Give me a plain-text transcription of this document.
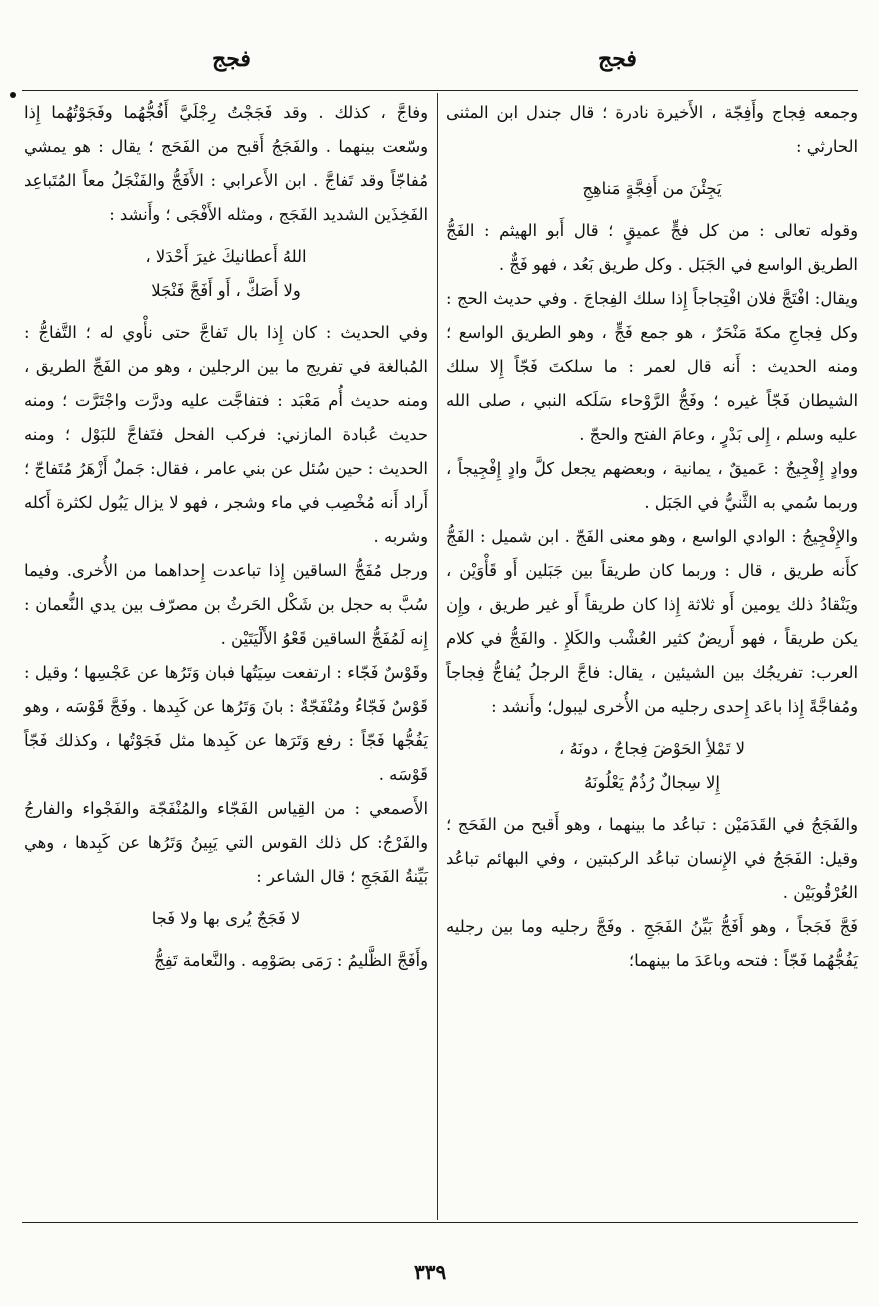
فجج
فجج

وجمعه فِجاج وأَفِجّة ، الأَخيرة نادرة ؛ قال جندل ابن المثنى الحارثي :

يَجِئْنَ من أَفِجَّةٍ مَناهِجِ

وقوله تعالى : من كل فجٍّ عميقٍ ؛ قال أَبو الهيثم : الفَجُّ الطريق الواسع في الجَبَل . وكل طريق بَعُد ، فهو فَجٌّ .

ويقال: افْتَجَّ فلان افْتِجاجاً إِذا سلك الفِجاجَ . وفي حديث الحج : وكل فِجاجِ مكةَ مَنْحَرٌ ، هو جمع فَجٍّ ، وهو الطريق الواسع ؛ ومنه الحديث : أَنه قال لعمر : ما سلكتَ فَجّاً إِلا سلك الشيطان فَجّاً غيره ؛ وفَجُّ الرَّوْحاء سَلَكه النبي ، صلى الله عليه وسلم ، إِلى بَدْرٍ ، وعامَ الفتح والحجّ .

ووادٍ إِفْجِيجٌ : عَميقٌ ، يمانية ، وبعضهم يجعل كلَّ وادٍ إِفْجِيجاً ، وربما سُمي به الثَّنيُّ في الجَبَل .

والإِفْجِيجُ : الوادي الواسع ، وهو معنى الفَجّ . ابن شميل : الفَجُّ كأَنه طريق ، قال : وربما كان طريقاً بين جَبَلين أَو قَأْوَيْن ، ويَنْقادُ ذلك يومين أَو ثلاثة إِذا كان طريقاً أَو غير طريق ، وإِن يكن طريقاً ، فهو أَريضٌ كثير العُشْب والكَلإِ . والفَجُّ في كلام العرب: تفريجُك بين الشيئين ، يقال: فاجَّ الرجلُ يُفاجُّ فِجاجاً ومُفاجَّةً إِذا باعَد إِحدى رجليه من الأُخرى ليبول؛ وأَنشد :

لا تَمْلأِ الحَوْضَ فِجاجٌ ، دونَهُ ،

إِلا سِجالٌ رُذُمٌ يَعْلُونَهُ

والفَجَجُ في القَدَمَيْن : تباعُد ما بينهما ، وهو أَقبح من الفَحَج ؛ وقيل: الفَجَجُ في الإِنسان تباعُد الركبتين ، وفي البهائم تباعُد العُرْقُوبَيْن .

فَجَّ فَجَجاً ، وهو أَفَجُّ بَيِّنُ الفَجَجِ . وفَجَّ رجليه وما بين رجليه يَفُجُّهُما فَجّاً : فتحه وباعَدَ ما بينهما؛

وفاجَّ ، كذلك . وقد فَجَجْتُ رِجْلَيَّ أَفُجُّهُما وفَجَوْتُهُما إِذا وسّعت بينهما . والفَجَجُ أَقبح من الفَحَج ؛ يقال : هو يمشي مُفاجّاً وقد تَفاجَّ . ابن الأَعرابي : الأَفَجُّ والفَنْجَلُ معاً المُتَباعِد الفَخِذَين الشديد الفَجَج ، ومثله الأَفْجَى ؛ وأَنشد :

اللهُ أَعطانيكَ غيرَ أَحْدَلا ،

ولا أَصَكَّ ، أَو أَفَجَّ فَنْجَلا

وفي الحديث : كان إِذا بال تَفاجَّ حتى نأْوي له ؛ التَّفاجُّ : المُبالغة في تفريج ما بين الرجلين ، وهو من الفَجِّ الطريق ، ومنه حديث أُم مَعْبَد : فتفاجَّت عليه ودرَّت واجْتَرَّت ؛ ومنه حديث عُبادة المازني: فركب الفحل فتَفاجَّ للبَوْل ؛ ومنه الحديث : حين سُئل عن بني عامر ، فقال: جَملٌ أَزْهَرُ مُتَفاجّ ؛ أَراد أَنه مُخْصِب في ماء وشجر ، فهو لا يزال يَبُول لكثرة أَكله وشربه .

ورجل مُفَجُّ الساقين إِذا تباعدت إِحداهما من الأُخرى. وفيما سُبَّ به حجل بن شَكْل الحَرثُ بن مصرّف بين يدي النُّعمان : إِنه لَمُفَجُّ الساقين قَعْوُ الأَلْيَتَيْن .

وقَوْسٌ فَجّاء : ارتفعت سِيَتُها فبان وَتَرُها عن عَجْسِها ؛ وقيل : قَوْسٌ فَجّاءُ ومُنْفَجّةٌ : بانَ وَتَرُها عن كَبِدها . وفَجَّ قَوْسَه ، وهو يَفُجُّها فَجّاً : رفع وَتَرَها عن كَبِدها مثل فَجَوْتُها ، وكذلك فَجّاً قَوْسَه .

الأَصمعي : من القِياس الفَجّاء والمُنْفَجّة والفَجْواء والفارجُ والفَرْجُ: كل ذلك القوس التي يَبِينُ وَتَرُها عن كَبِدها ، وهي بَيِّنةُ الفَجَجِ ؛ قال الشاعر :

لا فَجَجٌ يُرى بها ولا فَجا

وأَفَجَّ الظَّليمُ : رَمَى بصَوْمِه . والنَّعامة تَفِجُّ

٣٣٩
